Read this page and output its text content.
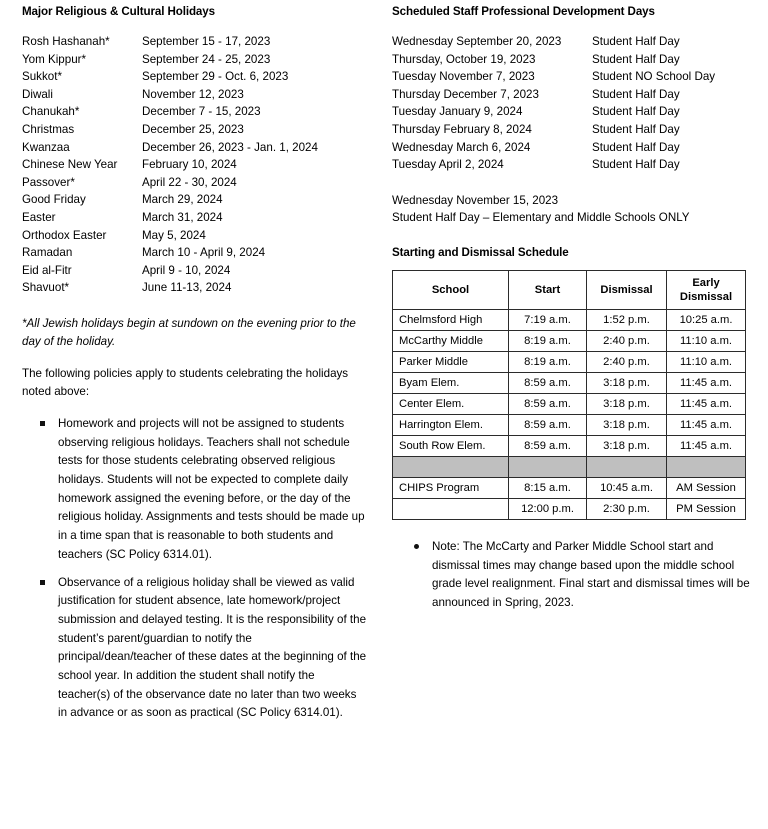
Major Religious & Cultural Holidays
Rosh Hashanah*	September 15 - 17, 2023
Yom Kippur*	September 24 - 25, 2023
Sukkot*	September 29 - Oct. 6, 2023
Diwali	November 12, 2023
Chanukah*	December 7 - 15, 2023
Christmas	December 25, 2023
Kwanzaa	December 26, 2023 - Jan. 1, 2024
Chinese New Year	February 10, 2024
Passover*	April 22 - 30, 2024
Good Friday	March 29, 2024
Easter	March 31, 2024
Orthodox Easter	May 5, 2024
Ramadan	March 10 - April 9, 2024
Eid al-Fitr	April 9 - 10, 2024
Shavuot*	June 11-13, 2024

*All Jewish holidays begin at sundown on the evening prior to the day of the holiday.

The following policies apply to students celebrating the holidays noted above:

Homework and projects will not be assigned to students observing religious holidays. Teachers shall not schedule tests for those students celebrating observed religious holidays. Students will not be expected to complete daily homework assigned the evening before, or the day of the religious holiday. Assignments and tests should be made up in a time span that is reasonable to both students and teachers (SC Policy 6314.01).
Observance of a religious holiday shall be viewed as valid justification for student absence, late homework/project submission and delayed testing. It is the responsibility of the student’s parent/guardian to notify the principal/dean/teacher of these dates at the beginning of the school year. In addition the student shall notify the teacher(s) of the observance date no later than two weeks in advance or as soon as practical (SC Policy 6314.01).
Scheduled Staff Professional Development Days
Wednesday September 20, 2023	Student Half Day
Thursday, October 19, 2023	Student Half Day
Tuesday November 7, 2023	Student NO School Day
Thursday December 7, 2023	Student Half Day
Tuesday January 9, 2024	Student Half Day
Thursday February 8, 2024	Student Half Day
Wednesday March 6, 2024	Student Half Day
Tuesday April 2, 2024	Student Half Day
Wednesday November 15, 2023
Student Half Day – Elementary and Middle Schools ONLY
Starting and Dismissal Schedule
School	Start	Dismissal	Early
Dismissal
Chelmsford High	7:19 a.m.	1:52 p.m.	10:25 a.m.
McCarthy Middle	8:19 a.m.	2:40 p.m.	11:10 a.m.
Parker Middle	8:19 a.m.	2:40 p.m.	11:10 a.m.
Byam Elem.	8:59 a.m.	3:18 p.m.	11:45 a.m.
Center Elem.	8:59 a.m.	3:18 p.m.	11:45 a.m.
Harrington Elem.	8:59 a.m.	3:18 p.m.	11:45 a.m.
South Row Elem.	8:59 a.m.	3:18 p.m.	11:45 a.m.

CHIPS Program	8:15 a.m.	10:45 a.m.	AM Session
	12:00 p.m.	2:30 p.m.	PM Session
Note: The McCarty and Parker Middle School start and dismissal times may change based upon the middle school grade level realignment. Final start and dismissal times will be announced in Spring, 2023.
